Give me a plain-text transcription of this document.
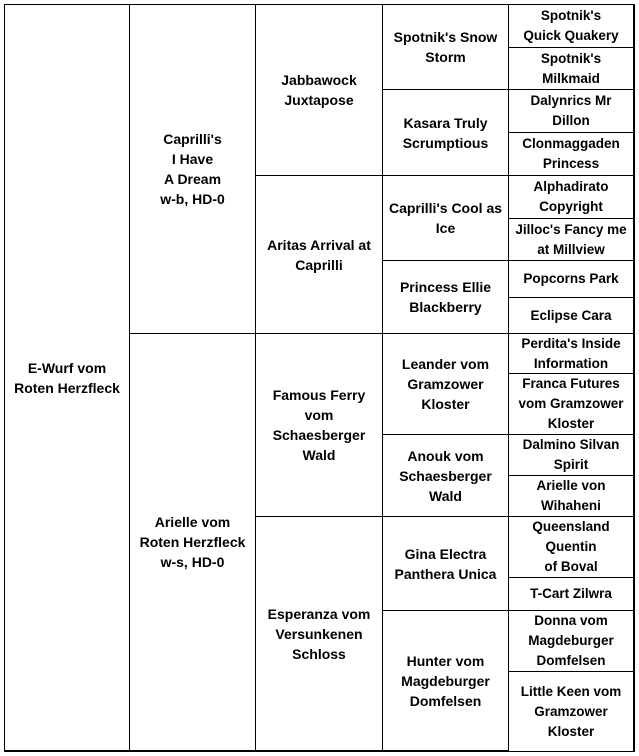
E-Wurf vom
Roten Herzfleck
Caprilli's
I Have
A Dream
w-b, HD-0
Arielle vom
Roten Herzfleck
w-s, HD-0
Jabbawock
Juxtapose
Aritas Arrival at
Caprilli
Famous Ferry
vom
Schaesberger
Wald
Esperanza vom
Versunkenen
Schloss
Spotnik's Snow
Storm
Kasara Truly
Scrumptious
Caprilli's Cool as
Ice
Princess Ellie
Blackberry
Leander vom
Gramzower
Kloster
Anouk vom
Schaesberger
Wald
Gina Electra
Panthera Unica
Hunter vom
Magdeburger
Domfelsen
Spotnik's
Quick Quakery
Spotnik's
Milkmaid
Dalynrics Mr
Dillon
Clonmaggaden
Princess
Alphadirato
Copyright
Jilloc's Fancy me
at Millview
Popcorns Park
Eclipse Cara
Perdita's Inside
Information
Franca Futures
vom Gramzower
Kloster
Dalmino Silvan
Spirit
Arielle von
Wihaheni
Queensland
Quentin
of Boval
T-Cart Zilwra
Donna vom
Magdeburger
Domfelsen
Little Keen vom
Gramzower
Kloster
